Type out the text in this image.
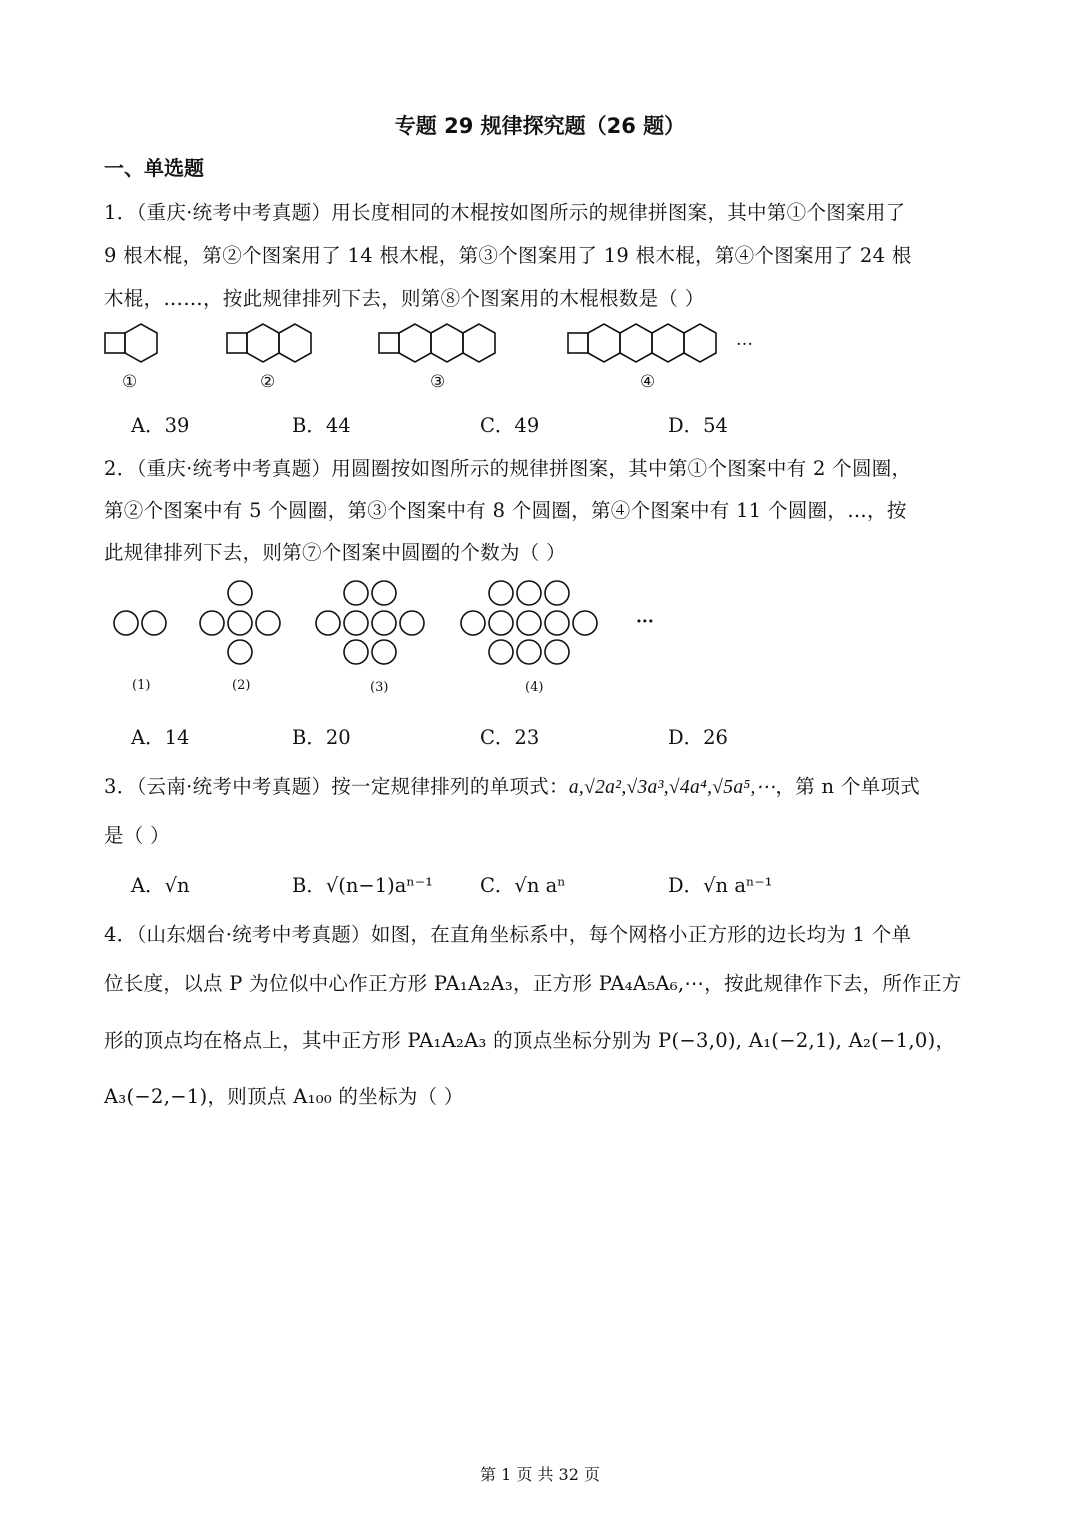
专题 29 规律探究题（26 题）
一、单选题
1．（重庆·统考中考真题）用长度相同的木棍按如图所示的规律拼图案，其中第①个图案用了
9 根木棍，第②个图案用了 14 根木棍，第③个图案用了 19 根木棍，第④个图案用了 24 根
木棍，……，按此规律排列下去，则第⑧个图案用的木棍根数是（ ）
…
①	②	③	④
A．39	B．44	C．49	D．54
2．（重庆·统考中考真题）用圆圈按如图所示的规律拼图案，其中第①个图案中有 2 个圆圈，
第②个图案中有 5 个圆圈，第③个图案中有 8 个圆圈，第④个图案中有 11 个圆圈，…，按
此规律排列下去，则第⑦个图案中圆圈的个数为（ ）
···
(1)	(2)	(3)	(4)
A．14	B．20	C．23	D．26
3．（云南·统考中考真题）按一定规律排列的单项式：a,√2a²,√3a³,√4a⁴,√5a⁵,⋯，第 n 个单项式
是（ ）
A．√n	B．√(n−1)aⁿ⁻¹ C．√n aⁿ	D．√n aⁿ⁻¹
4．（山东烟台·统考中考真题）如图，在直角坐标系中，每个网格小正方形的边长均为 1 个单
位长度，以点 P 为位似中心作正方形 PA₁A₂A₃，正方形 PA₄A₅A₆,⋯，按此规律作下去，所作正方
形的顶点均在格点上，其中正方形 PA₁A₂A₃ 的顶点坐标分别为 P(−3,0), A₁(−2,1), A₂(−1,0)，
A₃(−2,−1)，则顶点 A₁₀₀ 的坐标为（ ）
第 1 页 共 32 页
